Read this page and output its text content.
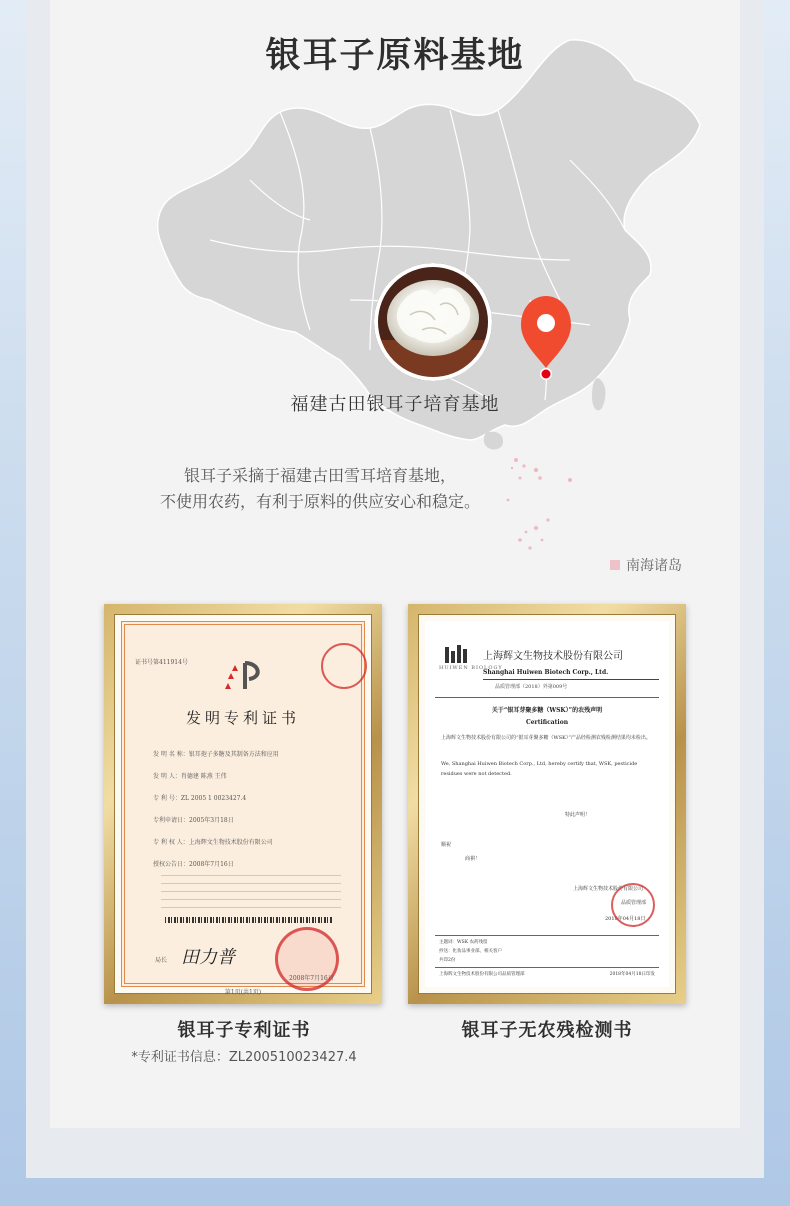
银耳子原料基地
福建古田银耳子培育基地
银耳子采摘于福建古田雪耳培育基地，
不使用农药，有利于原料的供应安心和稳定。
南海诸岛
证书号第411914号
发明专利证书
发 明 名 称：银耳孢子多糖及其制备方法和应用
发 明 人：肖德建 陈燕 王伟
专 利 号：ZL 2005 1 0023427.4
专利申请日：2005年3月18日
专 利 权 人：上海辉文生物技术股份有限公司
授权公告日：2008年7月16日
局长 田力普
2008年7月16日
第1页(共1页)
HUIWEN BIOLOGY
上海辉文生物技术股份有限公司
Shanghai Huiwen Biotech Corp., Ltd.
品质管理部（2018）外第009号
关于“银耳芽聚多糖（WSK）”的农残声明
Certification
上海辉文生物技术股份有限公司的“银耳芽聚多糖（WSK）”产品经检测农残检测结果均未检出。
We, Shanghai Huiwen Biotech Corp., Ltd, hereby certify that, WSK, pesticide residues were not detected.
特此声明！
顺祝
商祺！
上海辉文生物技术股份有限公司
品质管理部
2018年04月18日
主题词：WSK 农药残留
抄送：化妆品事业部、相关客户
共印2份
上海辉文生物技术股份有限公司品质管理部	2018年04月18日印发
银耳子专利证书	银耳子无农残检测书
*专利证书信息：ZL200510023427.4
